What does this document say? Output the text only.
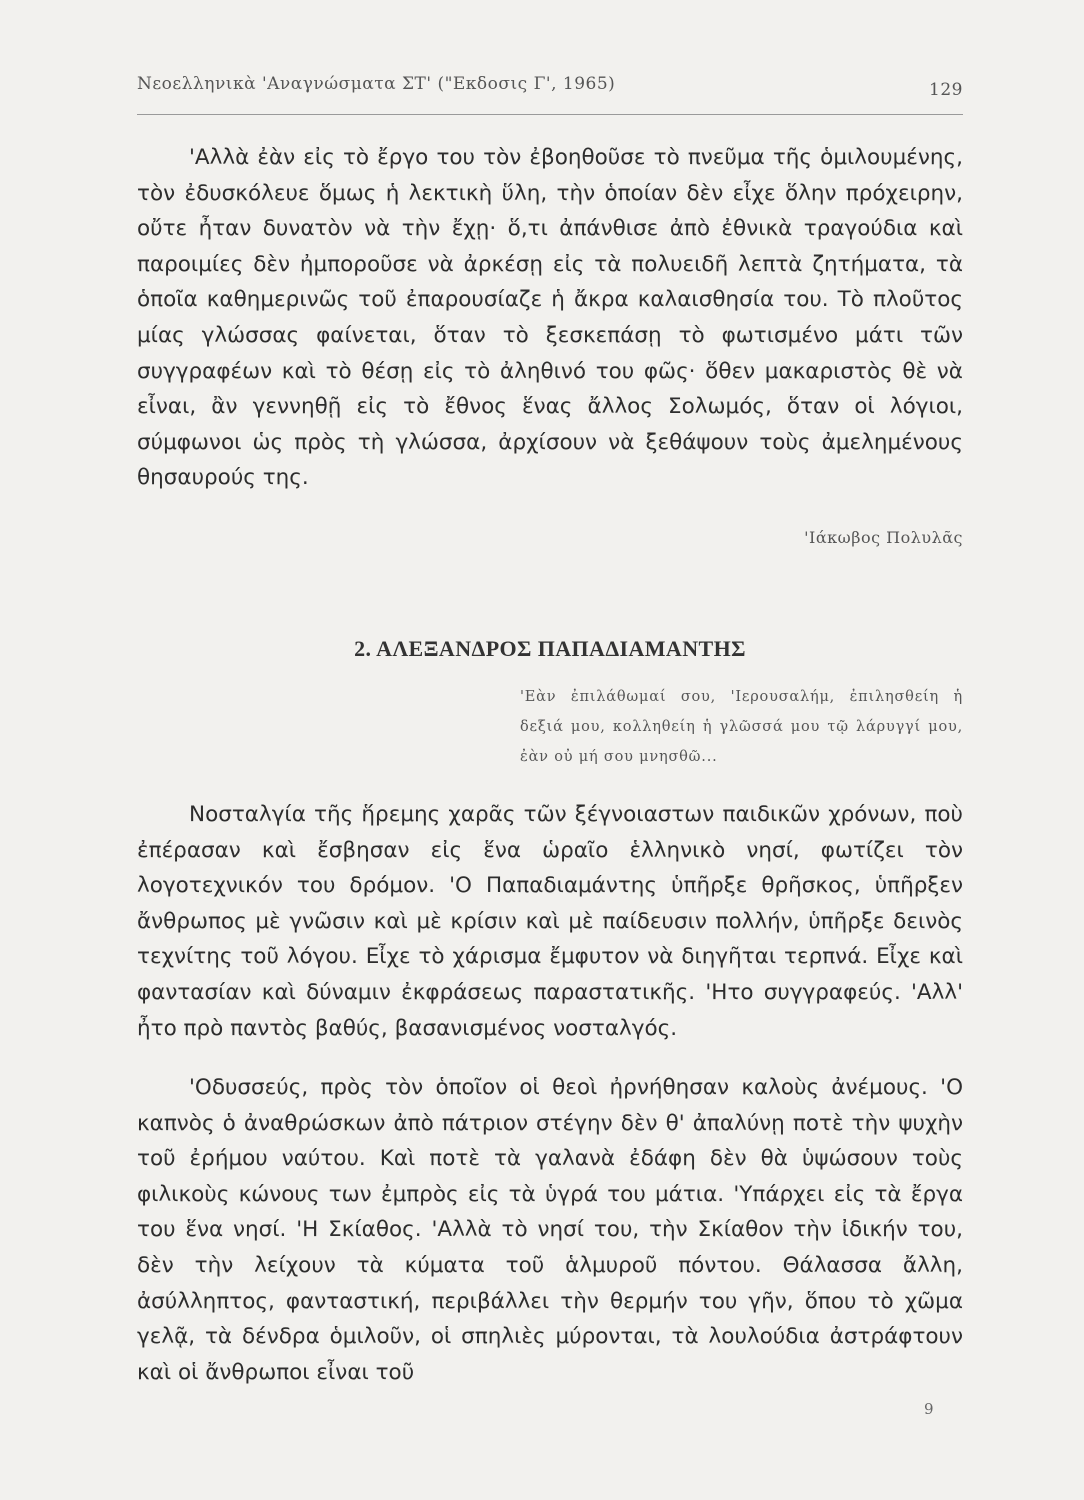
Νεοελληνικὰ 'Αναγνώσματα ΣΤ' ("Εκδοσις Γ', 1965)	129

'Αλλὰ ἐὰν εἰς τὸ ἔργο του τὸν ἐβοηθοῦσε τὸ πνεῦμα τῆς ὁμιλουμένης, τὸν ἐδυσκόλευε ὅμως ἡ λεκτικὴ ὕλη, τὴν ὁποίαν δὲν εἶχε ὅλην πρόχειρην, οὔτε ἦταν δυνατὸν νὰ τὴν ἔχῃ· ὅ,τι ἀπάνθισε ἀπὸ ἐθνικὰ τραγούδια καὶ παροιμίες δὲν ἠμποροῦσε νὰ ἀρκέσῃ εἰς τὰ πολυειδῆ λεπτὰ ζητήματα, τὰ ὁποῖα καθημερινῶς τοῦ ἐπαρουσίαζε ἡ ἄκρα καλαισθησία του. Τὸ πλοῦτος μίας γλώσσας φαίνεται, ὅταν τὸ ξεσκεπάσῃ τὸ φωτισμένο μάτι τῶν συγγραφέων καὶ τὸ θέσῃ εἰς τὸ ἀληθινό του φῶς· ὅθεν μακαριστὸς θὲ νὰ εἶναι, ἂν γεννηθῇ εἰς τὸ ἔθνος ἕνας ἄλλος Σολωμός, ὅταν οἱ λόγιοι, σύμφωνοι ὡς πρὸς τὴ γλώσσα, ἀρχίσουν νὰ ξεθάψουν τοὺς ἀμελημένους θησαυρούς της.

'Ιάκωβος Πολυλᾶς
2. ΑΛΕΞΑΝΔΡΟΣ ΠΑΠΑΔΙΑΜΑΝΤΗΣ
'Εὰν ἐπιλάθωμαί σου, 'Ιερουσαλήμ, ἐπιλησθείη ἡ δεξιά μου, κολληθείη ἡ γλῶσσά μου τῷ λάρυγγί μου, ἐὰν οὐ μή σου μνησθῶ...

Νοσταλγία τῆς ἥρεμης χαρᾶς τῶν ξέγνοιαστων παιδικῶν χρόνων, ποὺ ἐπέρασαν καὶ ἔσβησαν εἰς ἕνα ὡραῖο ἑλληνικὸ νησί, φωτίζει τὸν λογοτεχνικόν του δρόμον. 'Ο Παπαδιαμάντης ὑπῆρξε θρῆσκος, ὑπῆρξεν ἄνθρωπος μὲ γνῶσιν καὶ μὲ κρίσιν καὶ μὲ παίδευσιν πολλήν, ὑπῆρξε δεινὸς τεχνίτης τοῦ λόγου. Εἶχε τὸ χάρισμα ἔμφυτον νὰ διηγῆται τερπνά. Εἶχε καὶ φαντασίαν καὶ δύναμιν ἐκφράσεως παραστατικῆς. 'Ητο συγγραφεύς. 'Αλλ' ἦτο πρὸ παντὸς βαθύς, βασανισμένος νοσταλγός.

'Οδυσσεύς, πρὸς τὸν ὁποῖον οἱ θεοὶ ἠρνήθησαν καλοὺς ἀνέμους. 'Ο καπνὸς ὁ ἀναθρώσκων ἀπὸ πάτριον στέγην δὲν θ' ἀπαλύνῃ ποτὲ τὴν ψυχὴν τοῦ ἐρήμου ναύτου. Καὶ ποτὲ τὰ γαλανὰ ἐδάφη δὲν θὰ ὑψώσουν τοὺς φιλικοὺς κώνους των ἐμπρὸς εἰς τὰ ὑγρά του μάτια. 'Υπάρχει εἰς τὰ ἔργα του ἕνα νησί. 'Η Σκίαθος. 'Αλλὰ τὸ νησί του, τὴν Σκίαθον τὴν ἰδικήν του, δὲν τὴν λείχουν τὰ κύματα τοῦ ἁλμυροῦ πόντου. Θάλασσα ἄλλη, ἀσύλληπτος, φανταστική, περιβάλλει τὴν θερμήν του γῆν, ὅπου τὸ χῶμα γελᾷ, τὰ δένδρα ὁμιλοῦν, οἱ σπηλιὲς μύρονται, τὰ λουλούδια ἀστράφτουν καὶ οἱ ἄνθρωποι εἶναι τοῦ

9
